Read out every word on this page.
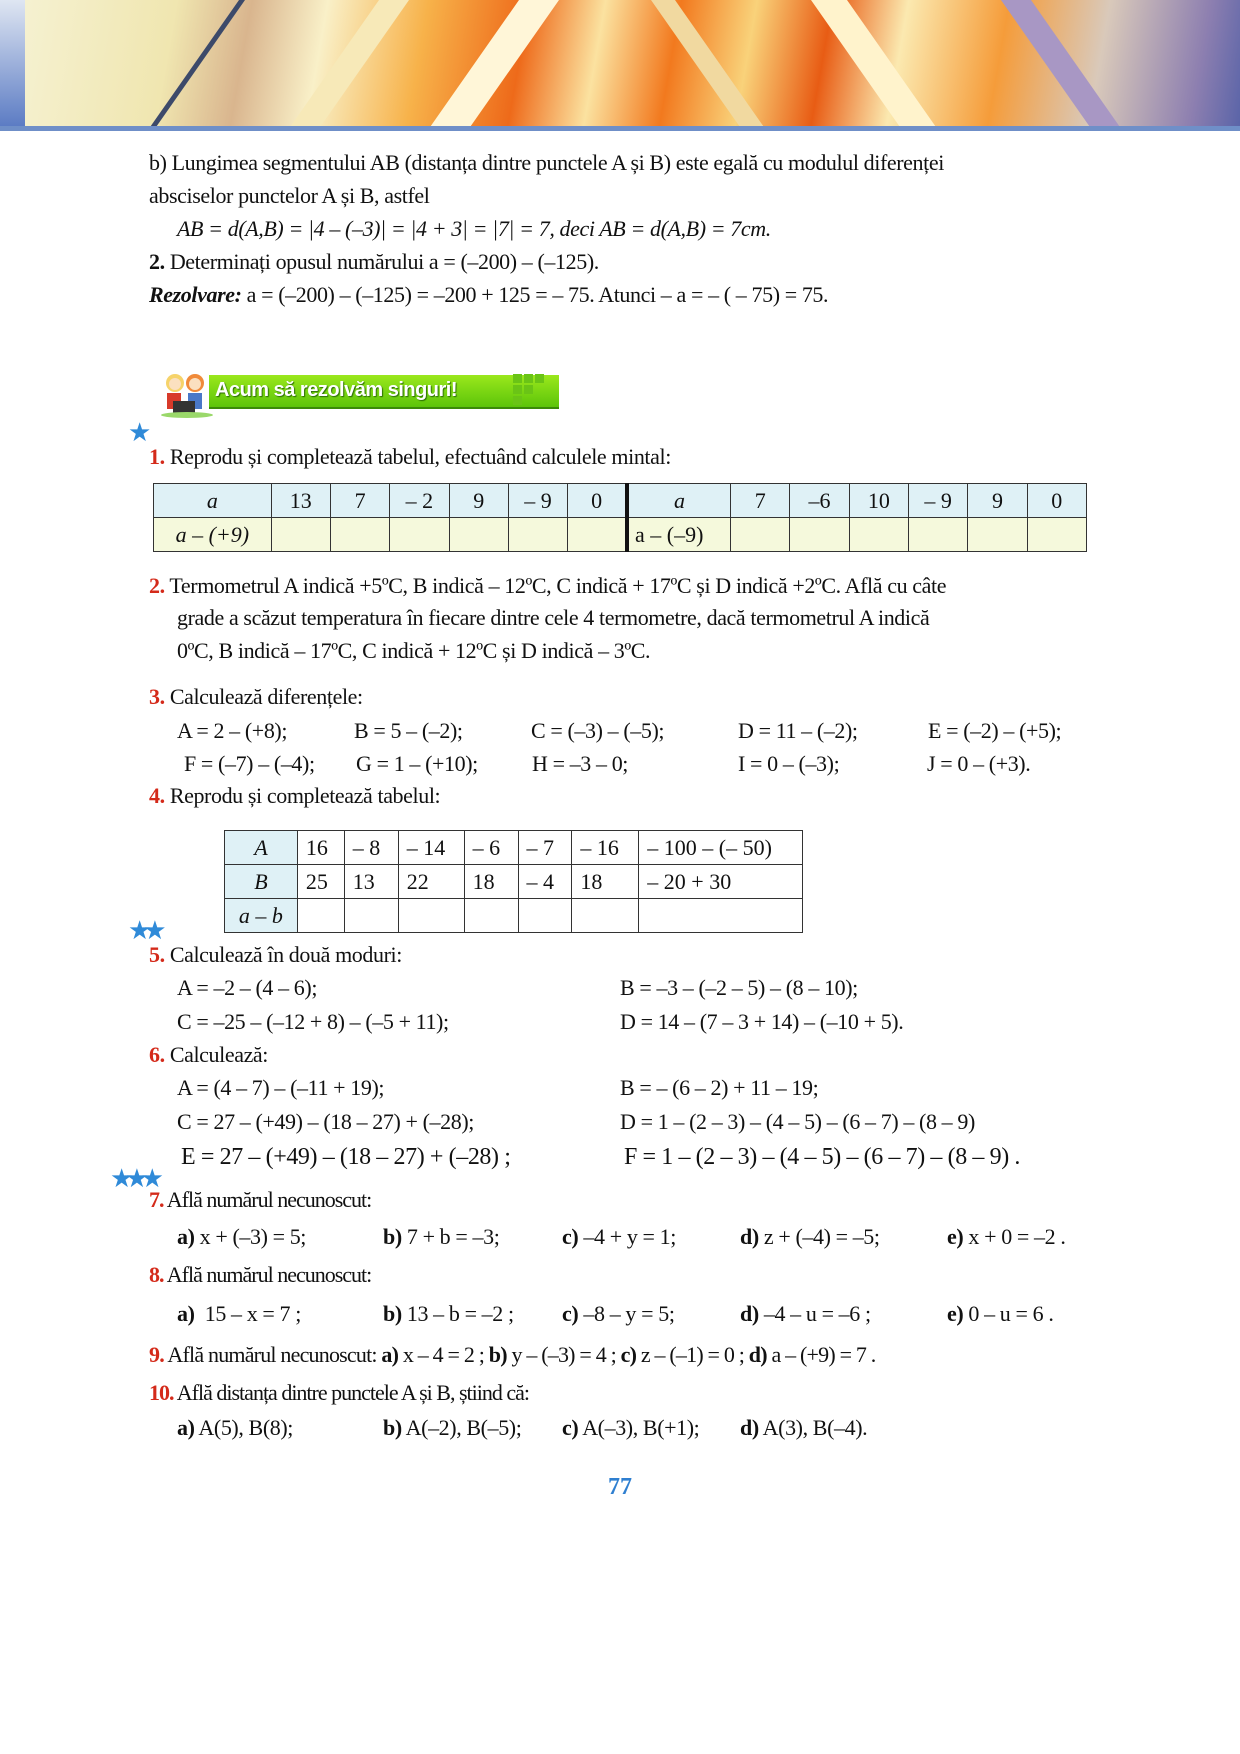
b) Lungimea segmentului AB (distanța dintre punctele A și B) este egală cu modulul diferenței
absciselor punctelor A și B, astfel
AB = d(A,B) = |4 – (–3)| = |4 + 3| = |7| = 7, deci AB = d(A,B) = 7cm.
2. Determinați opusul numărului a = (–200) – (–125).
Rezolvare: a = (–200) – (–125) = –200 + 125 = – 75. Atunci – a = – ( – 75) = 75.
Acum să rezolvăm singuri!
★
1. Reprodu și completează tabelul, efectuând calculele mintal:
a	13	7	– 2	9	– 9	0	a	7	–6	10	– 9	9	0
a – (+9)							a – (–9)						
2. Termometrul A indică +5ºC, B indică – 12ºC, C indică + 17ºC și D indică +2ºC. Află cu câte
grade a scăzut temperatura în fiecare dintre cele 4 termometre, dacă termometrul A indică
0ºC, B indică – 17ºC, C indică + 12ºC și D indică – 3ºC.
3. Calculează diferențele:
A = 2 – (+8);	B = 5 – (–2);	C = (–3) – (–5);	D = 11 – (–2);	E = (–2) – (+5);
F = (–7) – (–4); G = 1 – (+10); H = –3 – 0;	I = 0 – (–3);	J = 0 – (+3).
4. Reprodu și completează tabelul:
A	16	– 8	– 14	– 6	– 7	– 16	– 100 – (– 50)
B	25	13	22	18	– 4	18	– 20 + 30
a – b							
★★
5. Calculează în două moduri:
A = –2 – (4 – 6);	B = –3 – (–2 – 5) – (8 – 10);
C = –25 – (–12 + 8) – (–5 + 11);	D = 14 – (7 – 3 + 14) – (–10 + 5).
6. Calculează:
A = (4 – 7) – (–11 + 19);	B = – (6 – 2) + 11 – 19;
C = 27 – (+49) – (18 – 27) + (–28);	D = 1 – (2 – 3) – (4 – 5) – (6 – 7) – (8 – 9)
E = 27 – (+49) – (18 – 27) + (–28) ;	F = 1 – (2 – 3) – (4 – 5) – (6 – 7) – (8 – 9) .
★★★
7. Află numărul necunoscut:
a) x + (–3) = 5;	b) 7 + b = –3;	c) –4 + y = 1;	d) z + (–4) = –5;	e) x + 0 = –2 .
8. Află numărul necunoscut:
a) 15 – x = 7 ;	b) 13 – b = –2 ; c) –8 – y = 5;	d) –4 – u = –6 ;	e) 0 – u = 6 .
9. Află numărul necunoscut: a) x – 4 = 2 ; b) y – (–3) = 4 ; c) z – (–1) = 0 ; d) a – (+9) = 7 .
10. Află distanța dintre punctele A și B, știind că:
a) A(5), B(8);	b) A(–2), B(–5); c) A(–3), B(+1); d) A(3), B(–4).
77
